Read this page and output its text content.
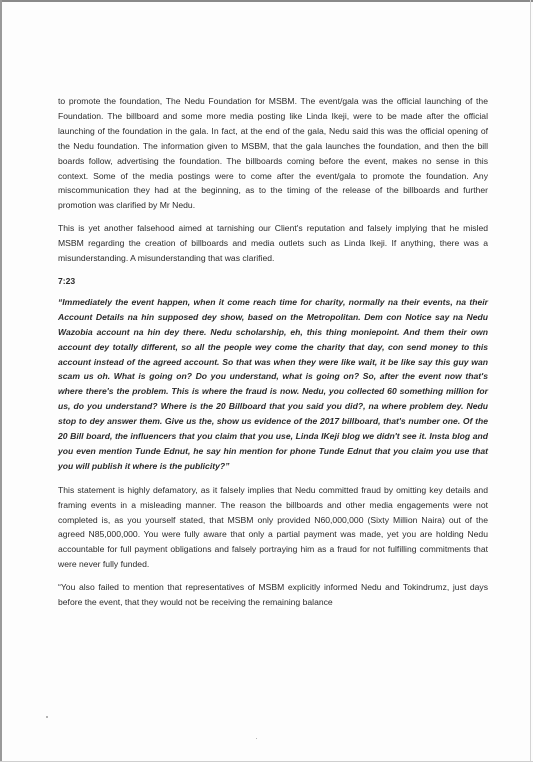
to promote the foundation, The Nedu Foundation for MSBM. The event/gala was the official launching of the Foundation. The billboard and some more media posting like Linda Ikeji, were to be made after the official launching of the foundation in the gala. In fact, at the end of the gala, Nedu said this was the official opening of the Nedu foundation. The information given to MSBM, that the gala launches the foundation, and then the bill boards follow, advertising the foundation. The billboards coming before the event, makes no sense in this context. Some of the media postings were to come after the event/gala to promote the foundation. Any miscommunication they had at the beginning, as to the timing of the release of the billboards and further promotion was clarified by Mr Nedu.

This is yet another falsehood aimed at tarnishing our Client's reputation and falsely implying that he misled MSBM regarding the creation of billboards and media outlets such as Linda Ikeji. If anything, there was a misunderstanding. A misunderstanding that was clarified.

7:23

“Immediately the event happen, when it come reach time for charity, normally na their events, na their Account Details na hin supposed dey show, based on the Metropolitan. Dem con Notice say na Nedu Wazobia account na hin dey there. Nedu scholarship, eh, this thing moniepoint. And them their own account dey totally different, so all the people wey come the charity that day, con send money to this account instead of the agreed account. So that was when they were like wait, it be like say this guy wan scam us oh. What is going on? Do you understand, what is going on? So, after the event now that's where there's the problem. This is where the fraud is now. Nedu, you collected 60 something million for us, do you understand? Where is the 20 Billboard that you said you did?, na where problem dey. Nedu stop to dey answer them. Give us the, show us evidence of the 2017 billboard, that's number one. Of the 20 Bill board, the influencers that you claim that you use, Linda IKeji blog we didn't see it. Insta blog and you even mention Tunde Ednut, he say hin mention for phone Tunde Ednut that you claim you use that you will publish it where is the publicity?”

This statement is highly defamatory, as it falsely implies that Nedu committed fraud by omitting key details and framing events in a misleading manner. The reason the billboards and other media engagements were not completed is, as you yourself stated, that MSBM only provided N60,000,000 (Sixty Million Naira) out of the agreed N85,000,000. You were fully aware that only a partial payment was made, yet you are holding Nedu accountable for full payment obligations and falsely portraying him as a fraud for not fulfilling commitments that were never fully funded.

“You also failed to mention that representatives of MSBM explicitly informed Nedu and Tokindrumz, just days before the event, that they would not be receiving the remaining balance
